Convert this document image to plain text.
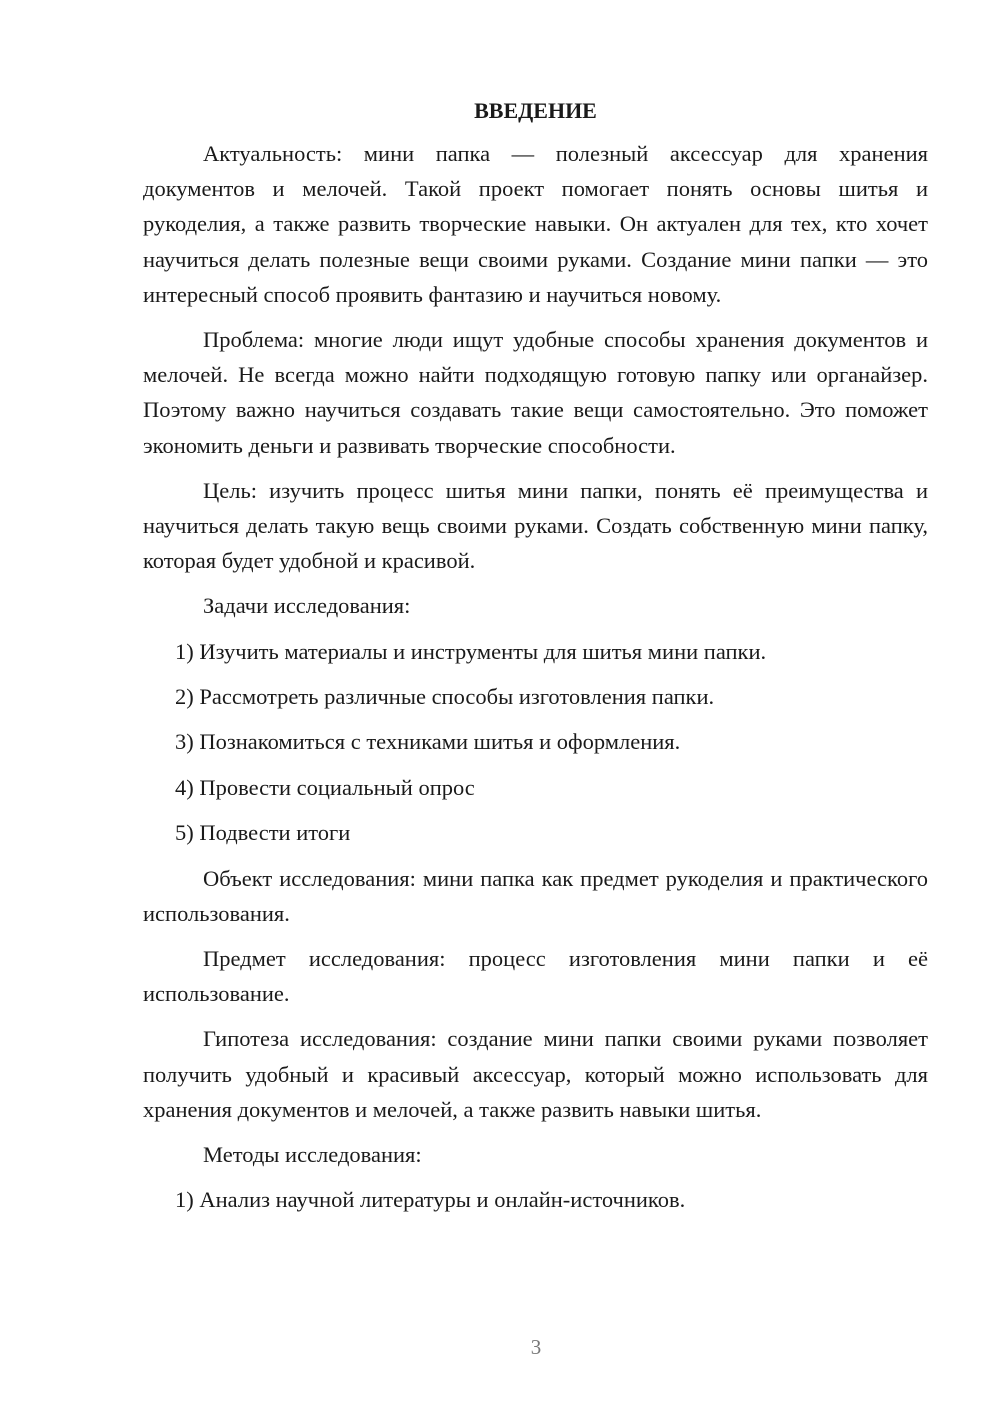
ВВЕДЕНИЕ

Актуальность: мини папка — полезный аксессуар для хранения документов и мелочей. Такой проект помогает понять основы шитья и рукоделия, а также развить творческие навыки. Он актуален для тех, кто хочет научиться делать полезные вещи своими руками. Создание мини папки — это интересный способ проявить фантазию и научиться новому.

Проблема: многие люди ищут удобные способы хранения документов и мелочей. Не всегда можно найти подходящую готовую папку или органайзер. Поэтому важно научиться создавать такие вещи самостоятельно. Это поможет экономить деньги и развивать творческие способности.

Цель: изучить процесс шитья мини папки, понять её преимущества и научиться делать такую вещь своими руками. Создать собственную мини папку, которая будет удобной и красивой.

Задачи исследования:

1) Изучить материалы и инструменты для шитья мини папки.
2) Рассмотреть различные способы изготовления папки.
3) Познакомиться с техниками шитья и оформления.
4) Провести социальный опрос
5) Подвести итоги

Объект исследования: мини папка как предмет рукоделия и практического использования.

Предмет исследования: процесс изготовления мини папки и её использование.

Гипотеза исследования: создание мини папки своими руками позволяет получить удобный и красивый аксессуар, который можно использовать для хранения документов и мелочей, а также развить навыки шитья.

Методы исследования:

1) Анализ научной литературы и онлайн-источников.
3
